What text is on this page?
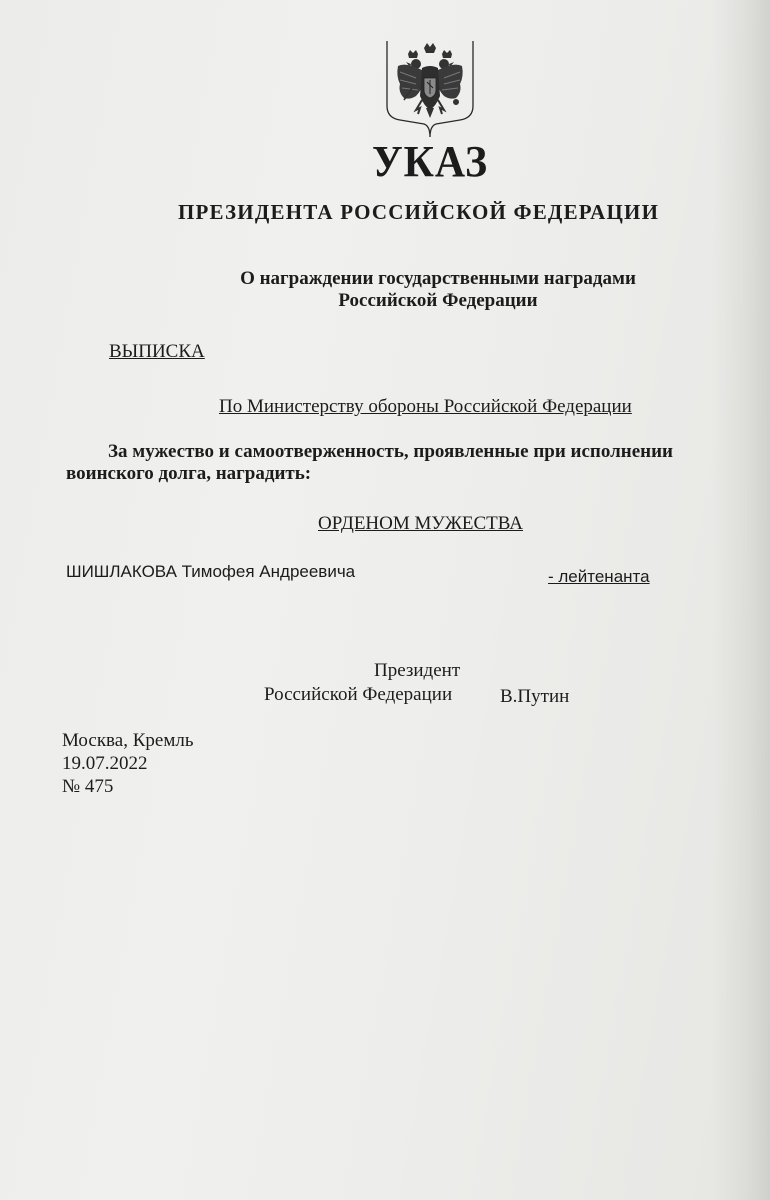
УКАЗ
ПРЕЗИДЕНТА РОССИЙСКОЙ ФЕДЕРАЦИИ
О награждении государственными наградами
Российской Федерации
ВЫПИСКА
По Министерству обороны Российской Федерации
За мужество и самоотверженность, проявленные при исполнении
воинского долга, наградить:
ОРДЕНОМ МУЖЕСТВА
ШИШЛАКОВА Тимофея Андреевича	- лейтенанта
Президент
Российской Федерации	В.Путин
Москва, Кремль
19.07.2022
№ 475
